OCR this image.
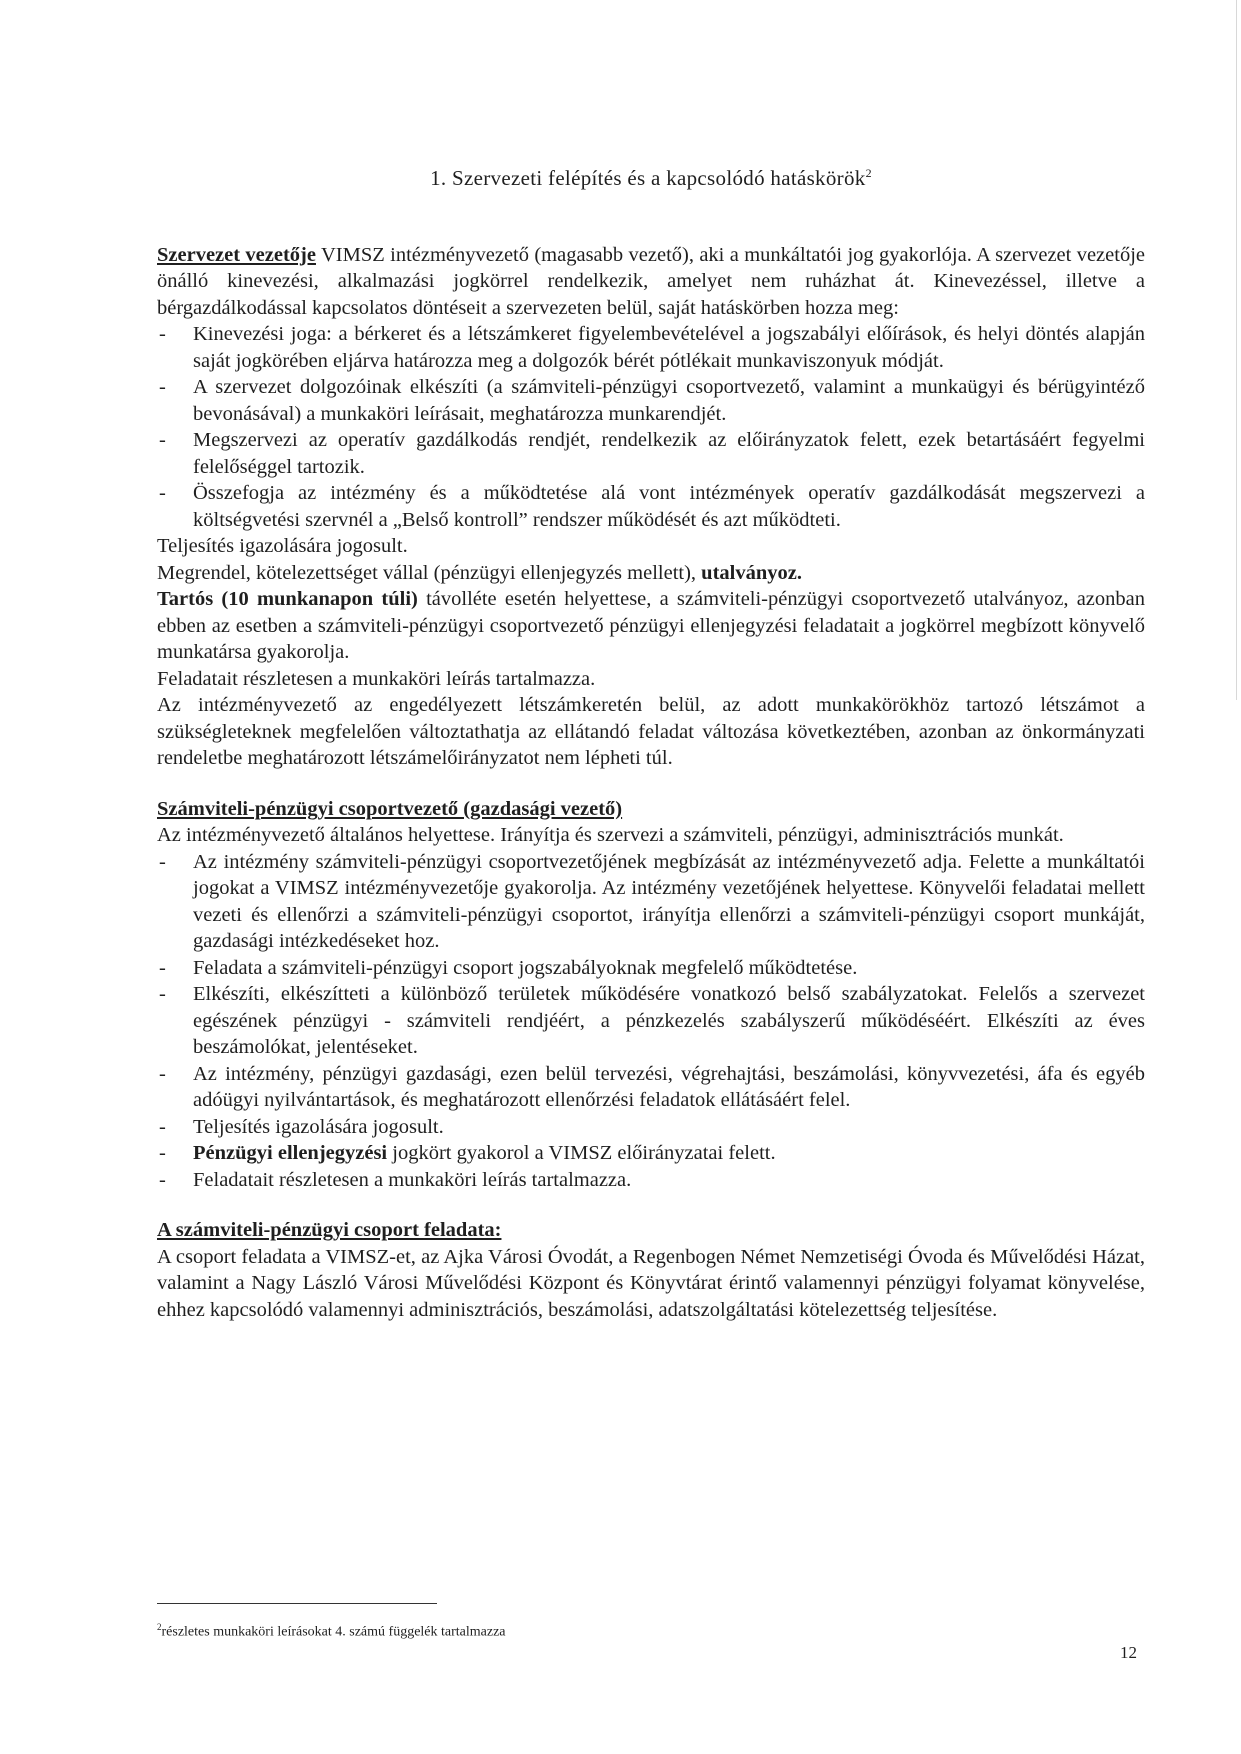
1. Szervezeti felépítés és a kapcsolódó hatáskörök$^2$

Szervezet vezetője VIMSZ intézményvezető (magasabb vezető), aki a munkáltatói jog gyakorlója. A szervezet vezetője önálló kinevezési, alkalmazási jogkörrel rendelkezik, amelyet nem ruházhat át. Kinevezéssel, illetve a bérgazdálkodással kapcsolatos döntéseit a szervezeten belül, saját hatáskörben hozza meg:

- Kinevezési joga: a bérkeret és a létszámkeret figyelembevételével a jogszabályi előírások, és helyi döntés alapján saját jogkörében eljárva határozza meg a dolgozók bérét pótlékait munkaviszonyuk módját.
- A szervezet dolgozóinak elkészíti (a számviteli-pénzügyi csoportvezető, valamint a munkaügyi és bérügyintéző bevonásával) a munkaköri leírásait, meghatározza munkarendjét.
- Megszervezi az operatív gazdálkodás rendjét, rendelkezik az előirányzatok felett, ezek betartásáért fegyelmi felelőséggel tartozik.
- Összefogja az intézmény és a működtetése alá vont intézmények operatív gazdálkodását megszervezi a költségvetési szervnél a „Belső kontroll” rendszer működését és azt működteti.

Teljesítés igazolására jogosult.

Megrendel, kötelezettséget vállal (pénzügyi ellenjegyzés mellett), utalványoz.

Tartós (10 munkanapon túli) távolléte esetén helyettese, a számviteli-pénzügyi csoportvezető utalványoz, azonban ebben az esetben a számviteli-pénzügyi csoportvezető pénzügyi ellenjegyzési feladatait a jogkörrel megbízott könyvelő munkatársa gyakorolja.

Feladatait részletesen a munkaköri leírás tartalmazza.

Az intézményvezető az engedélyezett létszámkeretén belül, az adott munkakörökhöz tartozó létszámot a szükségleteknek megfelelően változtathatja az ellátandó feladat változása következtében, azonban az önkormányzati rendeletbe meghatározott létszámelőirányzatot nem lépheti túl.

Számviteli-pénzügyi csoportvezető (gazdasági vezető)

Az intézményvezető általános helyettese. Irányítja és szervezi a számviteli, pénzügyi, adminisztrációs munkát.

- Az intézmény számviteli-pénzügyi csoportvezetőjének megbízását az intézményvezető adja. Felette a munkáltatói jogokat a VIMSZ intézményvezetője gyakorolja. Az intézmény vezetőjének helyettese. Könyvelői feladatai mellett vezeti és ellenőrzi a számviteli-pénzügyi csoportot, irányítja ellenőrzi a számviteli-pénzügyi csoport munkáját, gazdasági intézkedéseket hoz.
- Feladata a számviteli-pénzügyi csoport jogszabályoknak megfelelő működtetése.
- Elkészíti, elkészítteti a különböző területek működésére vonatkozó belső szabályzatokat. Felelős a szervezet egészének pénzügyi - számviteli rendjéért, a pénzkezelés szabályszerű működéséért. Elkészíti az éves beszámolókat, jelentéseket.
- Az intézmény, pénzügyi gazdasági, ezen belül tervezési, végrehajtási, beszámolási, könyvvezetési, áfa és egyéb adóügyi nyilvántartások, és meghatározott ellenőrzési feladatok ellátásáért felel.
- Teljesítés igazolására jogosult.
- Pénzügyi ellenjegyzési jogkört gyakorol a VIMSZ előirányzatai felett.
- Feladatait részletesen a munkaköri leírás tartalmazza.

A számviteli-pénzügyi csoport feladata:

A csoport feladata a VIMSZ-et, az Ajka Városi Óvodát, a Regenbogen Német Nemzetiségi Óvoda és Művelődési Házat, valamint a Nagy László Városi Művelődési Központ és Könyvtárat érintő valamennyi pénzügyi folyamat könyvelése, ehhez kapcsolódó valamennyi adminisztrációs, beszámolási, adatszolgáltatási kötelezettség teljesítése.

$^2$részletes munkaköri leírásokat 4. számú függelék tartalmazza
12
